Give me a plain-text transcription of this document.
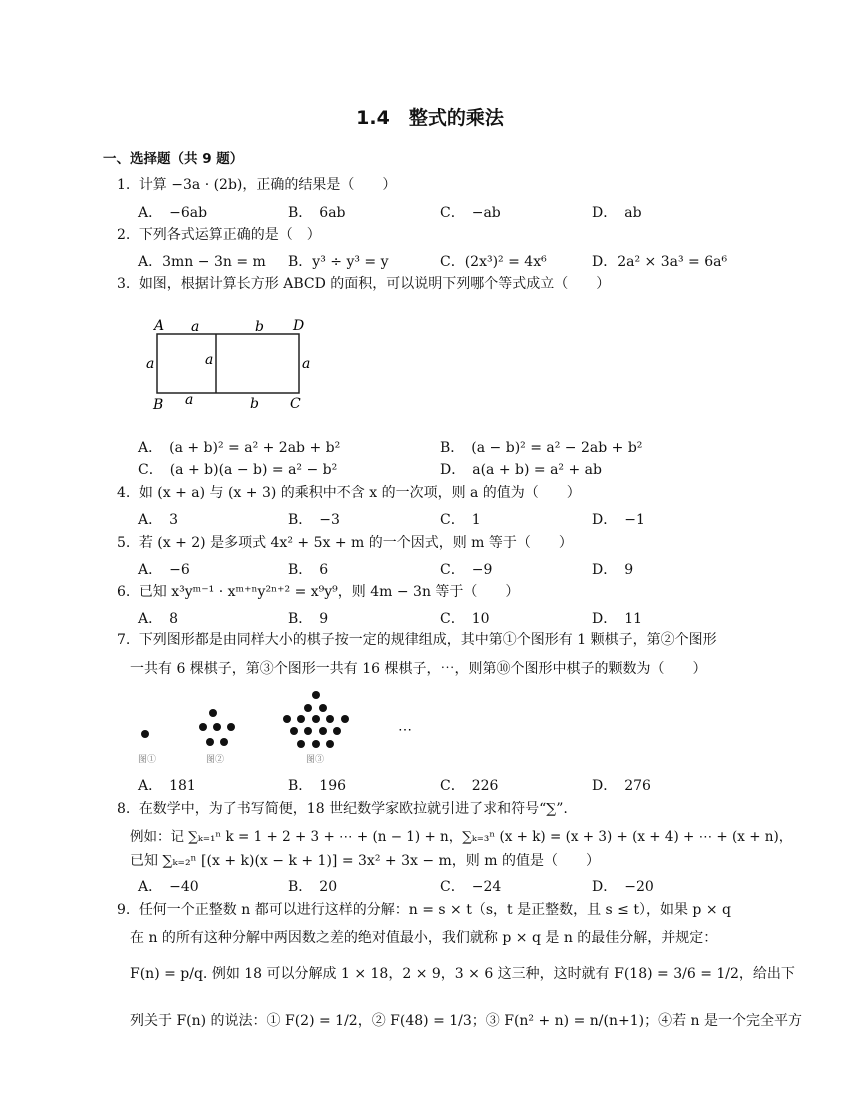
1.4　整式的乘法
一、选择题（共 9 题）
1. 计算 −3a · (2b)，正确的结果是（　　）
A．　−6ab	B．　6ab	C．　−ab	D．　ab
2. 下列各式运算正确的是（　）
A．3mn − 3n = m B．y³ ÷ y³ = y	C．(2x³)² = 4x⁶	D．2a² × 3a³ = 6a⁶
3. 如图，根据计算长方形 ABCD 的面积，可以说明下列哪个等式成立（　　）
A a	b D
a	a	a
B a	b C
A．　(a + b)² = a² + 2ab + b²	B．　(a − b)² = a² − 2ab + b²
C．　(a + b)(a − b) = a² − b²	D．　a(a + b) = a² + ab
4. 如 (x + a) 与 (x + 3) 的乘积中不含 x 的一次项，则 a 的值为（　　）
A．　3	B．　−3	C．　1	D．　−1
5. 若 (x + 2) 是多项式 4x² + 5x + m 的一个因式，则 m 等于（　　）
A．　−6	B．　6	C．　−9	D．　9
6. 已知 x³yᵐ⁻¹ · xᵐ⁺ⁿy²ⁿ⁺² = x⁹y⁹，则 4m − 3n 等于（　　）
A．　8	B．　9	C．　10	D．　11
7. 下列图形都是由同样大小的棋子按一定的规律组成，其中第①个图形有 1 颗棋子，第②个图形
一共有 6 棵棋子，第③个图形一共有 16 棵棋子，⋯，则第⑩个图形中棋子的颗数为（　　）
⋯
图①	图②	图③
A．　181	B．　196	C．　226	D．　276
8. 在数学中，为了书写简便，18 世纪数学家欧拉就引进了求和符号“∑”.
例如：记 ∑ₖ₌₁ⁿ k = 1 + 2 + 3 + ⋯ + (n − 1) + n，∑ₖ₌₃ⁿ (x + k) = (x + 3) + (x + 4) + ⋯ + (x + n)，
已知 ∑ₖ₌₂ⁿ [(x + k)(x − k + 1)] = 3x² + 3x − m，则 m 的值是（　　）
A．　−40	B．　20	C．　−24	D．　−20
9. 任何一个正整数 n 都可以进行这样的分解：n = s × t（s，t 是正整数，且 s ≤ t），如果 p × q
在 n 的所有这种分解中两因数之差的绝对值最小，我们就称 p × q 是 n 的最佳分解，并规定：
F(n) = p/q. 例如 18 可以分解成 1 × 18，2 × 9，3 × 6 这三种，这时就有 F(18) = 3/6 = 1/2，给出下
列关于 F(n) 的说法：① F(2) = 1/2，② F(48) = 1/3；③ F(n² + n) = n/(n+1)；④若 n 是一个完全平方
